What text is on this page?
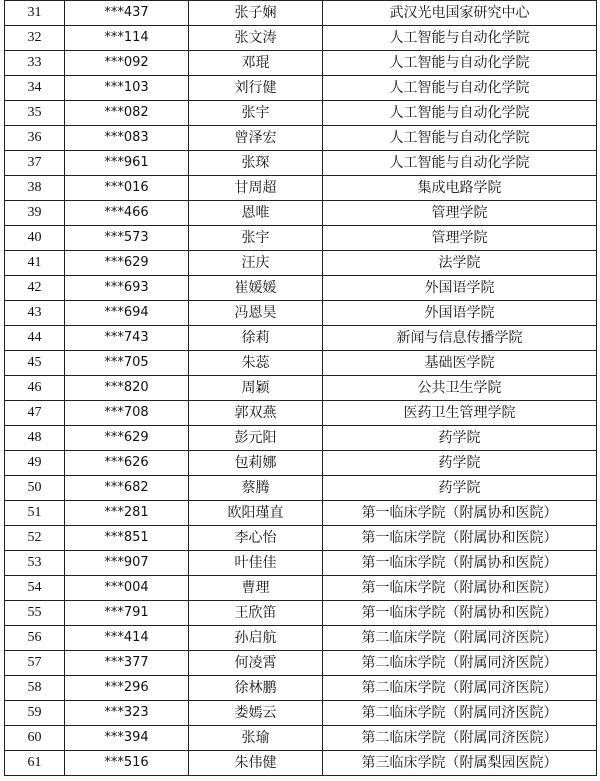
31	***437	张子娴	武汉光电国家研究中心
32	***114	张文涛	人工智能与自动化学院
33	***092	邓琨	人工智能与自动化学院
34	***103	刘行健	人工智能与自动化学院
35	***082	张宇	人工智能与自动化学院
36	***083	曾泽宏	人工智能与自动化学院
37	***961	张琛	人工智能与自动化学院
38	***016	甘周超	集成电路学院
39	***466	恩唯	管理学院
40	***573	张宇	管理学院
41	***629	汪庆	法学院
42	***693	崔媛媛	外国语学院
43	***694	冯恩昊	外国语学院
44	***743	徐莉	新闻与信息传播学院
45	***705	朱蕊	基础医学院
46	***820	周颖	公共卫生学院
47	***708	郭双燕	医药卫生管理学院
48	***629	彭元阳	药学院
49	***626	包莉娜	药学院
50	***682	蔡腾	药学院
51	***281	欧阳瑾直	第一临床学院（附属协和医院）
52	***851	李心怡	第一临床学院（附属协和医院）
53	***907	叶佳佳	第一临床学院（附属协和医院）
54	***004	曹理	第一临床学院（附属协和医院）
55	***791	王欣笛	第一临床学院（附属协和医院）
56	***414	孙启航	第二临床学院（附属同济医院）
57	***377	何凌霄	第二临床学院（附属同济医院）
58	***296	徐林鹏	第二临床学院（附属同济医院）
59	***323	娄嫣云	第二临床学院（附属同济医院）
60	***394	张瑜	第二临床学院（附属同济医院）
61	***516	朱伟健	第三临床学院（附属梨园医院）
